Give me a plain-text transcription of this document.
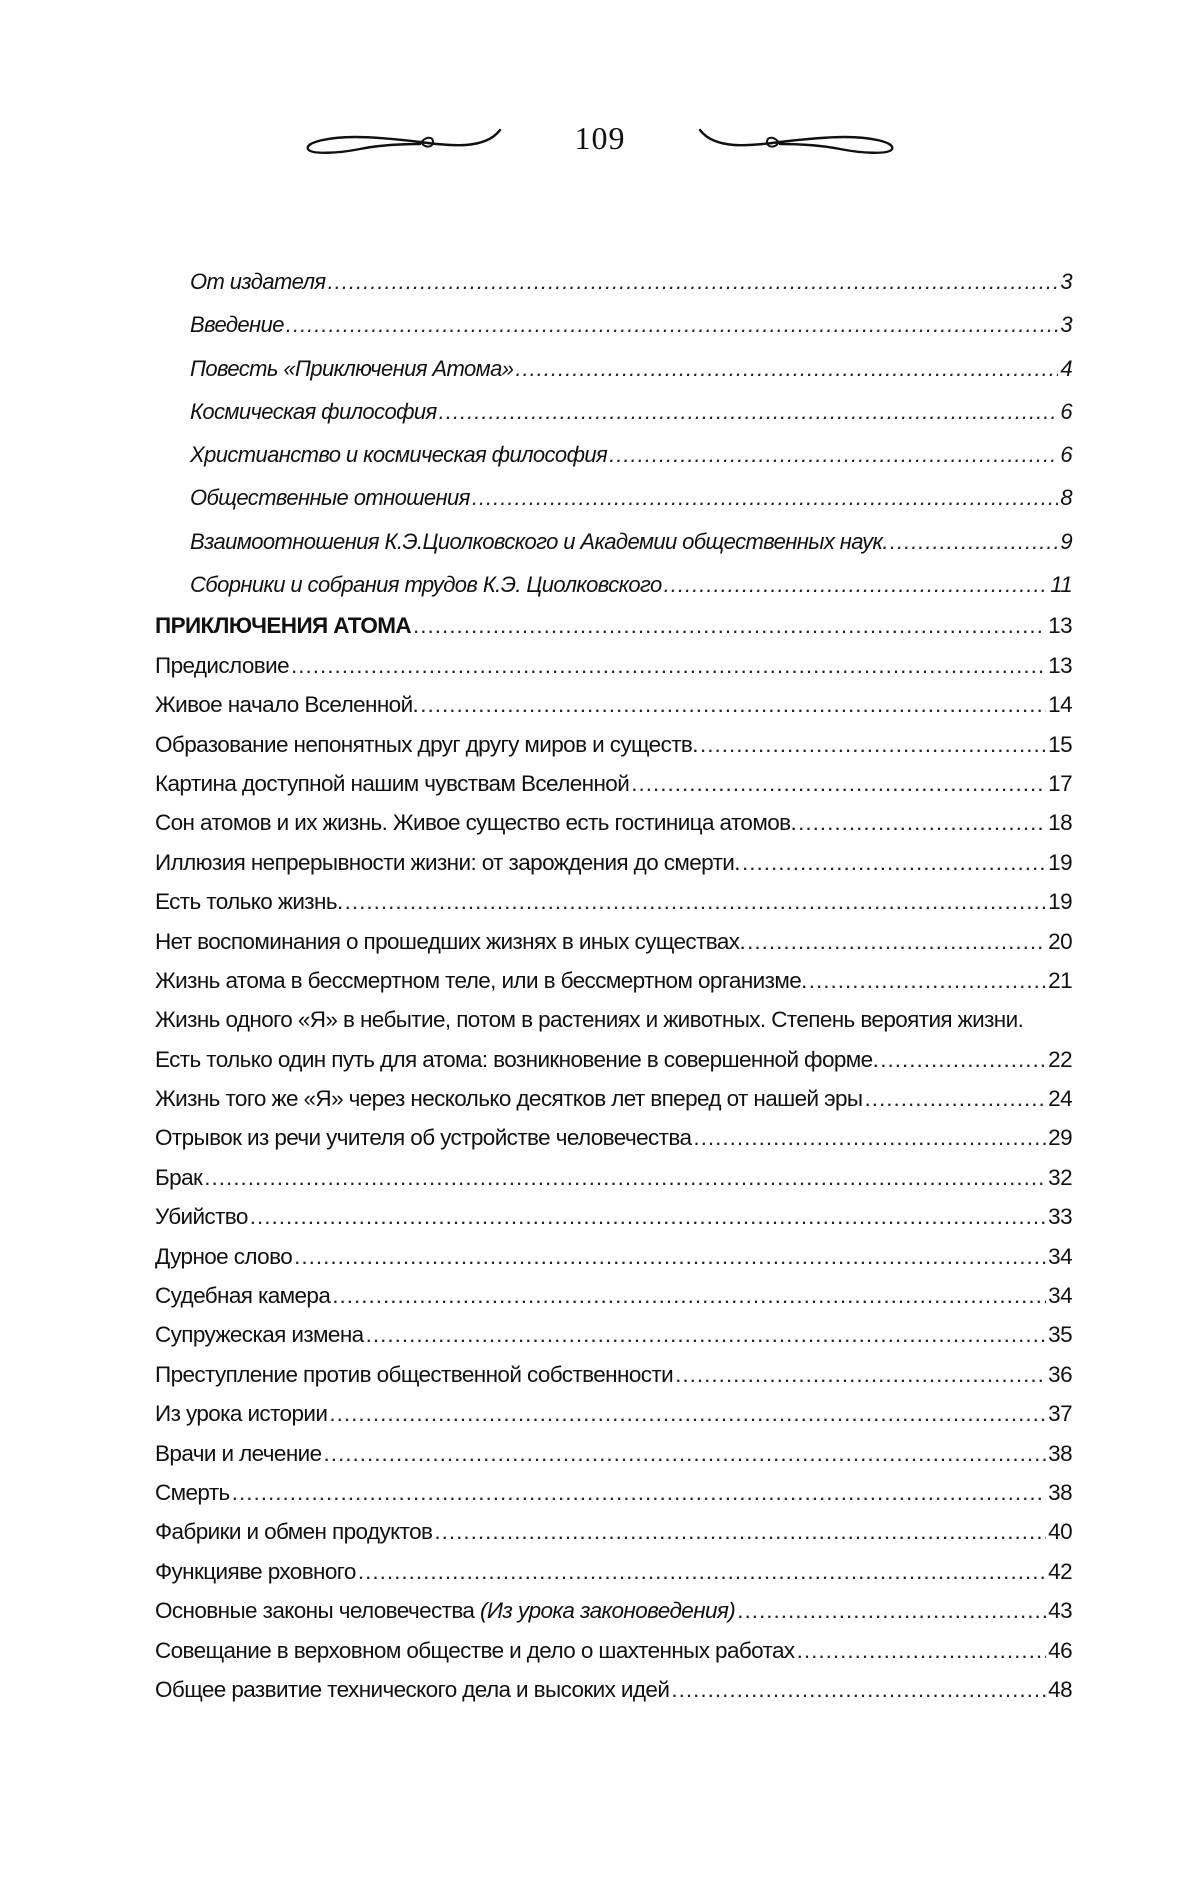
109
От издателя .....	3
Введение .....	3
Повесть «Приключения Атома» .....	4
Космическая философия .....	6
Христианство и космическая философия .....	6
Общественные отношения .....	8
Взаимоотношения К.Э.Циолковского и Академии общественных наук. .....	9
Сборники и собрания трудов К.Э. Циолковского .....	11
ПРИКЛЮЧЕНИЯ АТОМА .....	13
Предисловие .....	13
Живое начало Вселенной. .....	14
Образование непонятных друг другу миров и существ. .....	15
Картина доступной нашим чувствам Вселенной .....	17
Сон атомов и их жизнь. Живое существо есть гостиница атомов. .....	18
Иллюзия непрерывности жизни: от зарождения до смерти. .....	19
Есть только жизнь. .....	19
Нет воспоминания о прошедших жизнях в иных существах. .....	20
Жизнь атома в бессмертном теле, или в бессмертном организме. .....	21
Жизнь одного «Я» в небытие, потом в растениях и животных. Степень вероятия жизни.
Есть только один путь для атома: возникновение в совершенной форме. .....	22
Жизнь того же «Я» через несколько десятков лет вперед от нашей эры .....	24
Отрывок из речи учителя об устройстве человечества .....	29
Брак .....	32
Убийство .....	33
Дурное слово .....	34
Судебная камера .....	34
Супружеская измена .....	35
Преступление против общественной собственности .....	36
Из урока истории .....	37
Врачи и лечение .....	38
Смерть .....	38
Фабрики и обмен продуктов .....	40
Функцияве рховного .....	42
Основные законы человечества (Из урока законоведения) .....	43
Совещание в верховном обществе и дело о шахтенных работах .....	46
Общее развитие технического дела и высоких идей .....	48
